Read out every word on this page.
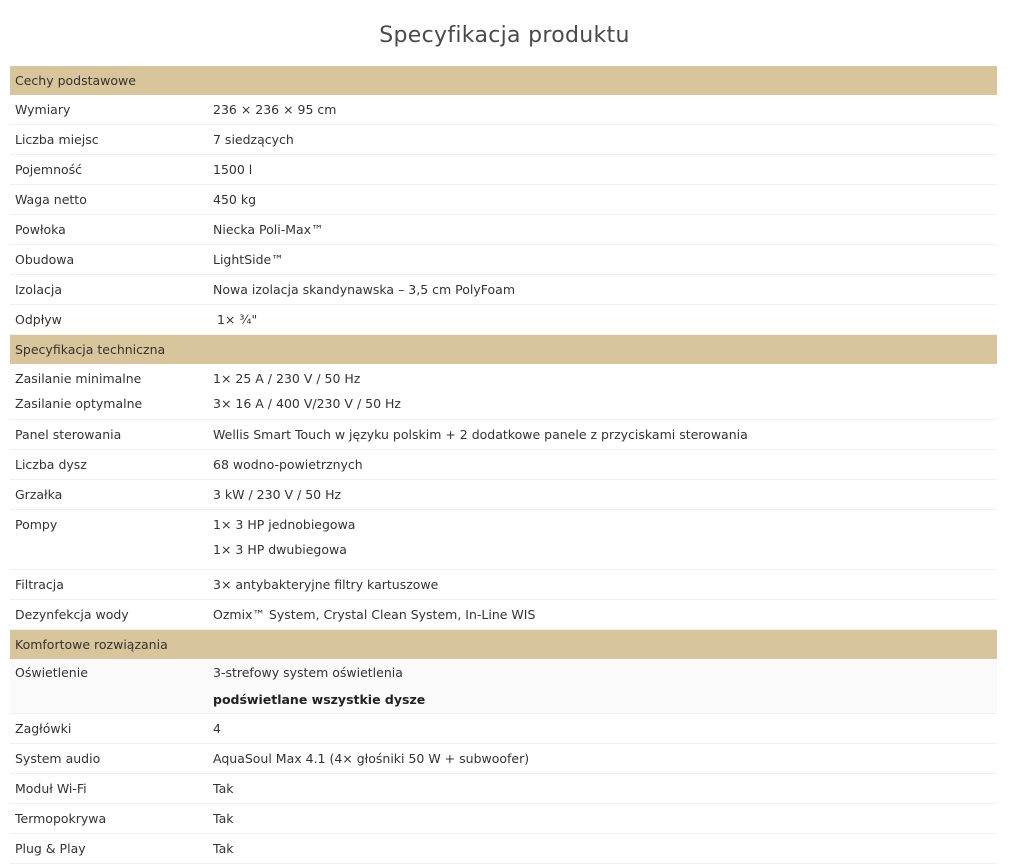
Specyfikacja produktu
Cechy podstawowe
Wymiary	236 × 236 × 95 cm
Liczba miejsc	7 siedzących
Pojemność	1500 l
Waga netto	450 kg
Powłoka	Niecka Poli-Max™
Obudowa	LightSide™
Izolacja	Nowa izolacja skandynawska – 3,5 cm PolyFoam
Odpływ	1× ¾"
Specyfikacja techniczna
Zasilanie minimalne	1× 25 A / 230 V / 50 Hz
Zasilanie optymalne	3× 16 A / 400 V/230 V / 50 Hz
Panel sterowania	Wellis Smart Touch w języku polskim + 2 dodatkowe panele z przyciskami sterowania
Liczba dysz	68 wodno-powietrznych
Grzałka	3 kW / 230 V / 50 Hz
Pompy	1× 3 HP jednobiegowa
1× 3 HP dwubiegowa
Filtracja	3× antybakteryjne filtry kartuszowe
Dezynfekcja wody	Ozmix™ System, Crystal Clean System, In-Line WIS
Komfortowe rozwiązania
Oświetlenie	3-strefowy system oświetlenia
podświetlane wszystkie dysze
Zagłówki	4
System audio	AquaSoul Max 4.1 (4× głośniki 50 W + subwoofer)
Moduł Wi-Fi	Tak
Termopokrywa	Tak
Plug & Play	Tak
